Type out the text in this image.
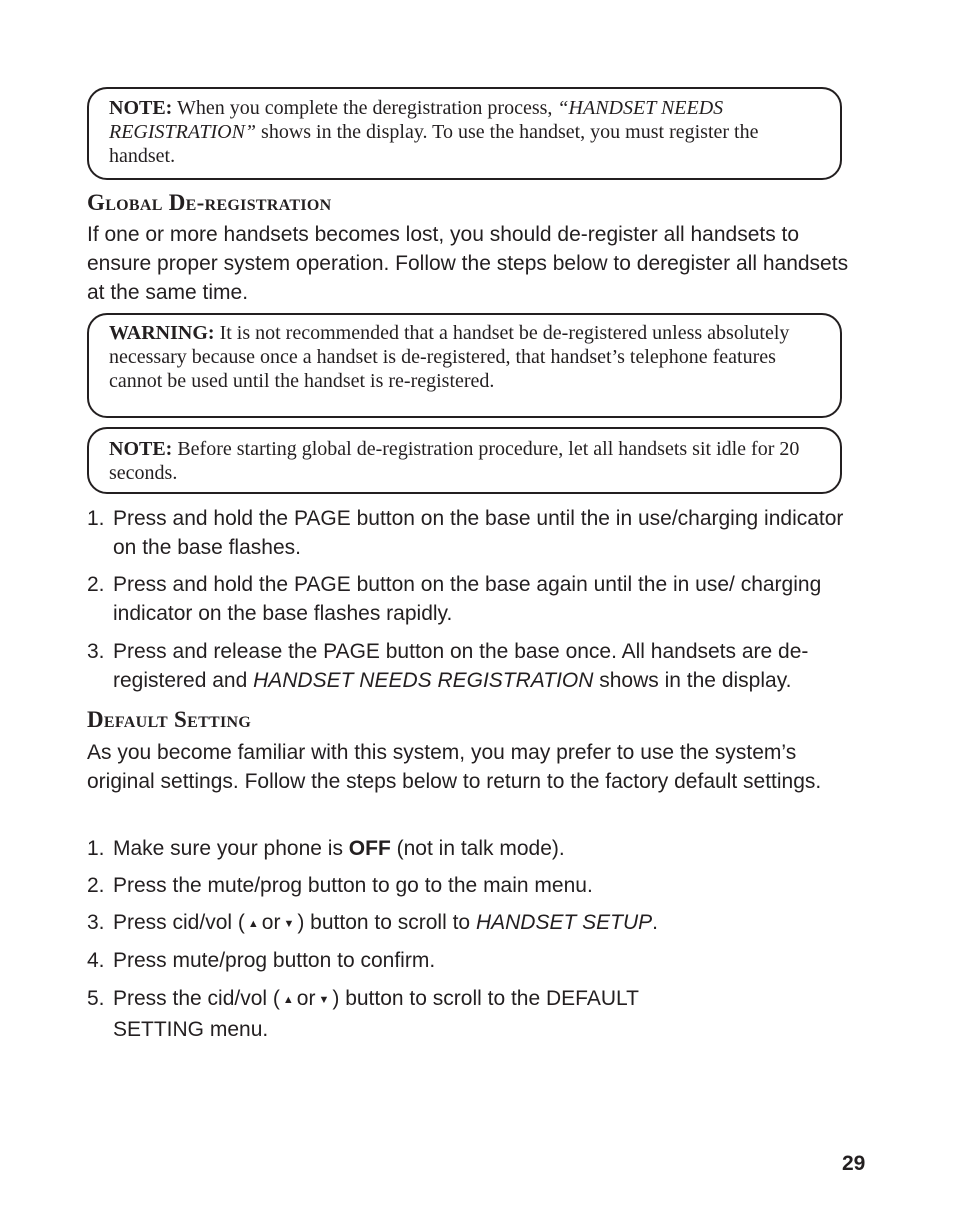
NOTE: When you complete the deregistration process, “HANDSET NEEDS REGISTRATION” shows in the display. To use the handset, you must register the handset.
Global De-registration
If one or more handsets becomes lost, you should de-register all handsets to ensure proper system operation. Follow the steps below to deregister all handsets at the same time.
WARNING: It is not recommended that a handset be de-registered unless absolutely necessary because once a handset is de-registered, that handset’s telephone features cannot be used until the handset is re-registered.
NOTE: Before starting global de-registration procedure, let all handsets sit idle for 20 seconds.
1. Press and hold the PAGE button on the base until the in use/charging indicator on the base flashes.
2. Press and hold the PAGE button on the base again until the in use/ charging indicator on the base flashes rapidly.
3. Press and release the PAGE button on the base once. All handsets are de-registered and HANDSET NEEDS REGISTRATION shows in the display.
Default Setting
As you become familiar with this system, you may prefer to use the system’s original settings. Follow the steps below to return to the factory default settings.
1. Make sure your phone is OFF (not in talk mode).
2. Press the mute/prog button to go to the main menu.
3. Press cid/vol ( ▲ or ▼ ) button to scroll to HANDSET SETUP.
4. Press mute/prog button to confirm.
5. Press the cid/vol ( ▲ or ▼ ) button to scroll to the DEFAULT SETTING menu.
29
